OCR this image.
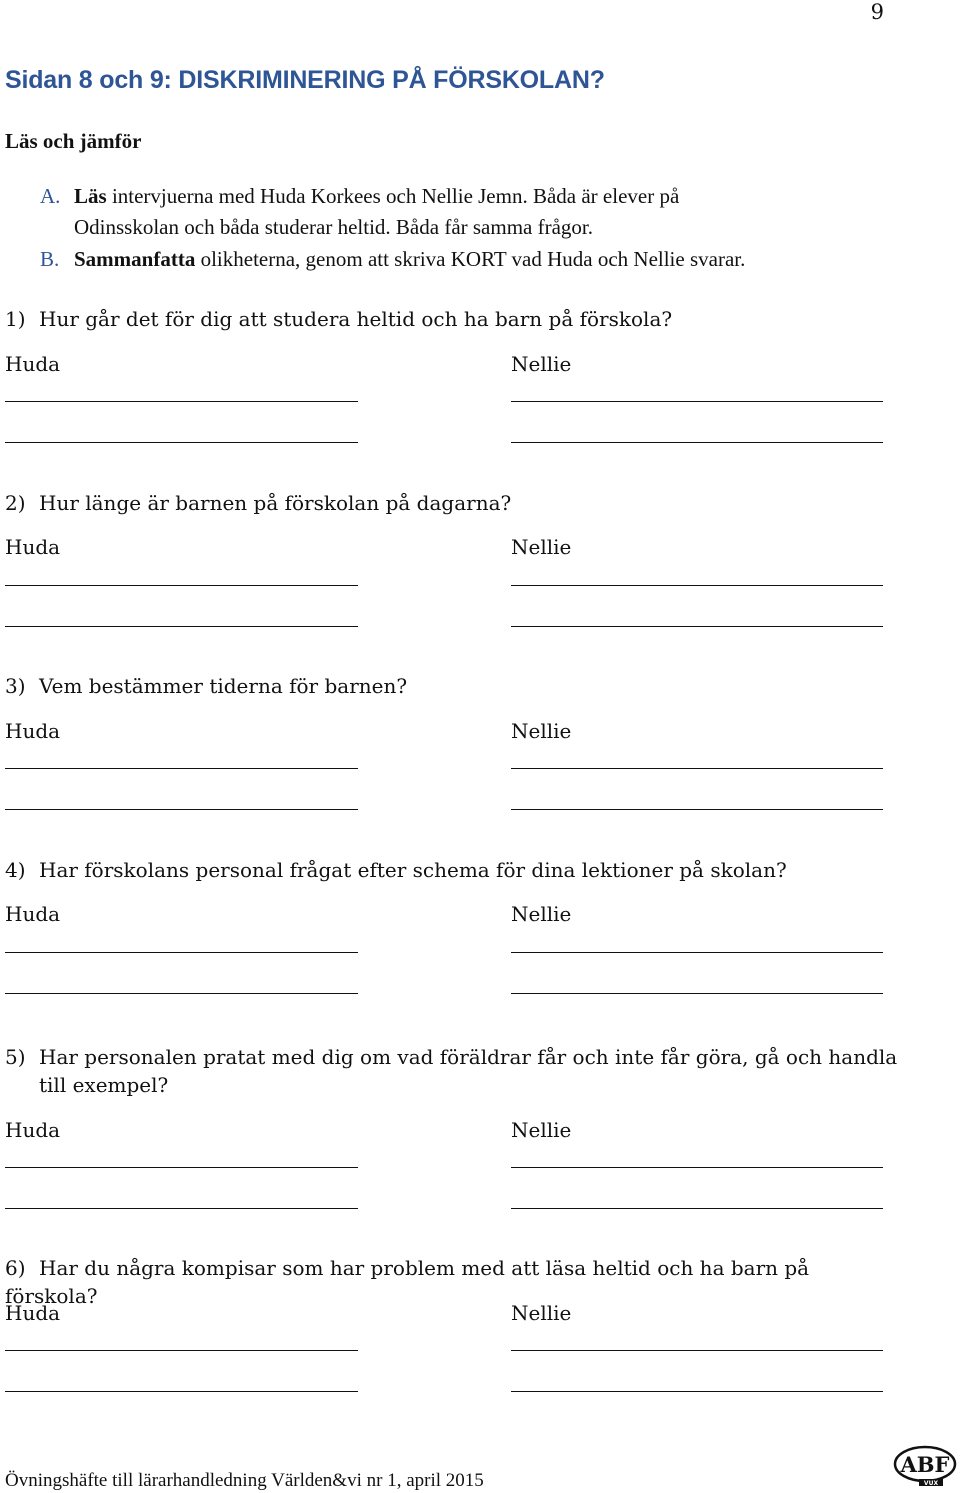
9
Sidan 8 och 9: DISKRIMINERING PÅ FÖRSKOLAN?
Läs och jämför
A. Läs intervjuerna med Huda Korkees och Nellie Jemn. Båda är elever på
Odinsskolan och båda studerar heltid. Båda får samma frågor.
B. Sammanfatta olikheterna, genom att skriva KORT vad Huda och Nellie svarar.
1) Hur går det för dig att studera heltid och ha barn på förskola?
Huda	Nellie
2) Hur länge är barnen på förskolan på dagarna?
Huda	Nellie
3) Vem bestämmer tiderna för barnen?
Huda	Nellie
4) Har förskolans personal frågat efter schema för dina lektioner på skolan?
Huda	Nellie
5) Har personalen pratat med dig om vad föräldrar får och inte får göra, gå och handla
till exempel?
Huda	Nellie
6) Har du några kompisar som har problem med att läsa heltid och ha barn på förskola?
Huda	Nellie
Övningshäfte till lärarhandledning Världen&vi nr 1, april 2015
ABF
VUX
